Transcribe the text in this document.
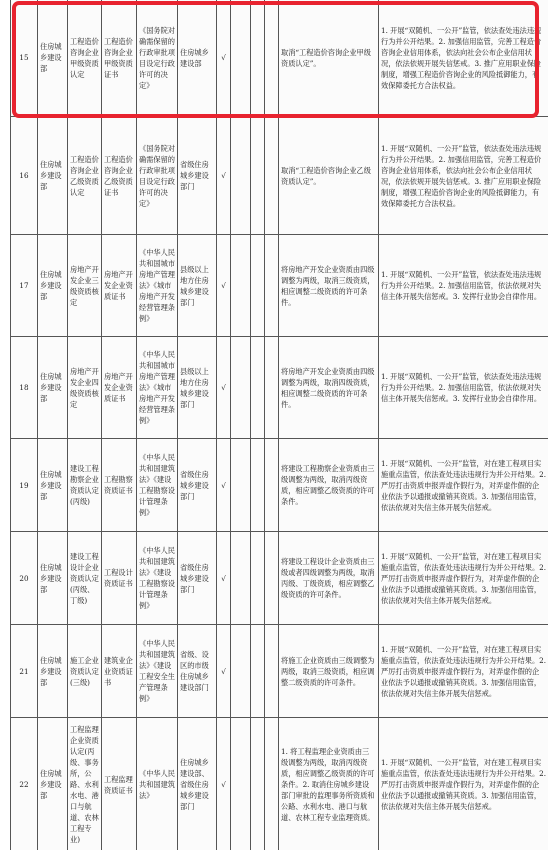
15	住房城乡建设部	工程造价咨询企业甲级资质认定	工程造价咨询企业甲级资质证书	《国务院对确需保留的行政审批项目设定行政许可的决定》	住房城乡建设部	√				取消“工程造价咨询企业甲级资质认定”。	1. 开展“双随机、一公开”监管，依法查处违法违规行为并公开结果。2. 加强信用监管，完善工程造价咨询企业信用体系，依法向社会公布企业信用状况，依法依规开展失信惩戒。3. 推广应用职业保险制度，增强工程造价咨询企业的风险抵御能力，有效保障委托方合法权益。
16	住房城乡建设部	工程造价咨询企业乙级资质认定	工程造价咨询企业乙级资质证书	《国务院对确需保留的行政审批项目设定行政许可的决定》	省级住房城乡建设部门	√				取消“工程造价咨询企业乙级资质认定”。	1. 开展“双随机、一公开”监管，依法查处违法违规行为并公开结果。2. 加强信用监管，完善工程造价咨询企业信用体系，依法向社会公布企业信用状况，依法依规开展失信惩戒。3. 推广应用职业保险制度，增强工程造价咨询企业的风险抵御能力，有效保障委托方合法权益。
17	住房城乡建设部	房地产开发企业三级资质核定	房地产开发企业资质证书	《中华人民共和国城市房地产管理法》《城市房地产开发经营管理条例》	县级以上地方住房城乡建设部门	√				将房地产开发企业资质由四级调整为两级，取消三级资质，相应调整二级资质的许可条件。	1. 开展“双随机、一公开”监管，依法查处违法违规行为并公开结果。2. 加强信用监管，依法依规对失信主体开展失信惩戒。3. 发挥行业协会自律作用。
18	住房城乡建设部	房地产开发企业四级资质核定	房地产开发企业资质证书	《中华人民共和国城市房地产管理法》《城市房地产开发经营管理条例》	县级以上地方住房城乡建设部门	√				将房地产开发企业资质由四级调整为两级，取消四级资质，相应调整二级资质的许可条件。	1. 开展“双随机、一公开”监管，依法查处违法违规行为并公开结果。2. 加强信用监管，依法依规对失信主体开展失信惩戒。3. 发挥行业协会自律作用。
19	住房城乡建设部	建设工程勘察企业资质认定(丙级)	工程勘察资质证书	《中华人民共和国建筑法》《建设工程勘察设计管理条例》	省级住房城乡建设部门	√				将建设工程勘察企业资质由三级调整为两级，取消丙级资质，相应调整乙级资质的许可条件。	1. 开展“双随机、一公开”监管，对在建工程项目实施重点监管，依法查处违法违规行为并公开结果。2. 严厉打击资质申报弄虚作假行为，对弄虚作假的企业依法予以通报或撤销其资质。3. 加强信用监管，依法依规对失信主体开展失信惩戒。
20	住房城乡建设部	建设工程设计企业资质认定(丙级、丁级)	工程设计资质证书	《中华人民共和国建筑法》《建设工程勘察设计管理条例》	省级住房城乡建设部门	√				将建设工程设计企业资质由三级或者四级调整为两级，取消丙级、丁级资质，相应调整乙级资质的许可条件。	1. 开展“双随机、一公开”监管，对在建工程项目实施重点监管，依法查处违法违规行为并公开结果。2. 严厉打击资质申报弄虚作假行为，对弄虚作假的企业依法予以通报或撤销其资质。3. 加强信用监管，依法依规对失信主体开展失信惩戒。
21	住房城乡建设部	施工企业资质认定(三级)	建筑业企业资质证书	《中华人民共和国建筑法》《建设工程安全生产管理条例》	省级、设区的市级住房城乡建设部门	√				将施工企业资质由三级调整为两级，取消三级资质，相应调整二级资质的许可条件。	1. 开展“双随机、一公开”监管，对在建工程项目实施重点监管，依法查处违法违规行为并公开结果。2. 严厉打击资质申报弄虚作假行为，对弄虚作假的企业依法予以通报或撤销其资质。3. 加强信用监管，依法依规对失信主体开展失信惩戒。
22	住房城乡建设部	工程监理企业资质认定(丙级、事务所，公路、水利水电、港口与航道、农林工程专业)	工程监理资质证书	《中华人民共和国建筑法》	住房城乡建设部、省级住房城乡建设部门	√				1. 将工程监理企业资质由三级调整为两级，取消丙级资质，相应调整乙级资质的许可条件。2. 取消住房城乡建设部门审批的监理事务所资质和公路、水利水电、港口与航道、农林工程专业监理资质。	1. 开展“双随机、一公开”监管，对在建工程项目实施重点监管，依法查处违法违规行为并公开结果。2. 严厉打击资质申报弄虚作假行为，对弄虚作假的企业依法予以通报或撤销其资质。3. 加强信用监管，依法依规对失信主体开展失信惩戒。
